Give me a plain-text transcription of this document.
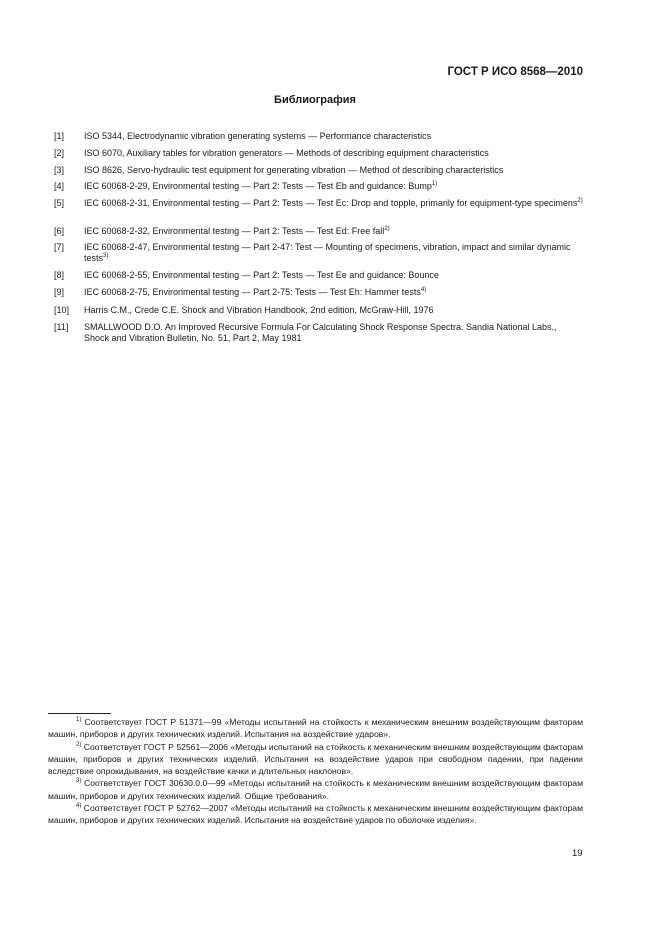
ГОСТ Р ИСО 8568—2010
Библиография
[1] ISO 5344, Electrodynamic vibration generating systems — Performance characteristics
[2] ISO 6070, Auxiliary tables for vibration generators — Methods of describing equipment characteristics
[3] ISO 8626, Servo-hydraulic test equipment for generating vibration — Method of describing characteristics
[4] IEC 60068-2-29, Environmental testing — Part 2: Tests — Test Eb and guidance: Bump$^{1)}$
[5] IEC 60068-2-31, Environmental testing — Part 2: Tests — Test Ec: Drop and topple, primarily for equipment-type specimens$^{2)}$
[6] IEC 60068-2-32, Environmental testing — Part 2: Tests — Test Ed: Free fall$^{2)}$
[7] IEC 60068-2-47, Environmental testing — Part 2-47: Test — Mounting of specimens, vibration, impact and similar dynamic tests$^{3)}$
[8] IEC 60068-2-55, Environmental testing — Part 2: Tests — Test Ee and guidance: Bounce
[9] IEC 60068-2-75, Environmental testing — Part 2-75: Tests — Test Eh: Hammer tests$^{4)}$
[10] Harris C.M., Crede C.E. Shock and Vibration Handbook, 2nd edition, McGraw-Hill, 1976
[11] SMALLWOOD D.O. An Improved Recursive Formula For Calculating Shock Response Spectra. Sandia National Labs., Shock and Vibration Bulletin, No. 51, Part 2, May 1981

$^{1)}$ Соответствует ГОСТ Р 51371—99 «Методы испытаний на стойкость к механическим внешним воздействующим факторам машин, приборов и других технических изделий. Испытания на воздействие ударов».

$^{2)}$ Соответствует ГОСТ Р 52561—2006 «Методы испытаний на стойкость к механическим внешним воздействующим факторам машин, приборов и других технических изделий. Испытания на воздействие ударов при свободном падении, при падении вследствие опрокидывания, на воздействие качки и длительных наклонов».

$^{3)}$ Соответствует ГОСТ 30630.0.0—99 «Методы испытаний на стойкость к механическим внешним воздействующим факторам машин, приборов и других технических изделий. Общие требования».

$^{4)}$ Соответствует ГОСТ Р 52762—2007 «Методы испытаний на стойкость к механическим внешним воздействующим факторам машин, приборов и других технических изделий. Испытания на воздействие ударов по оболочке изделия».

19
